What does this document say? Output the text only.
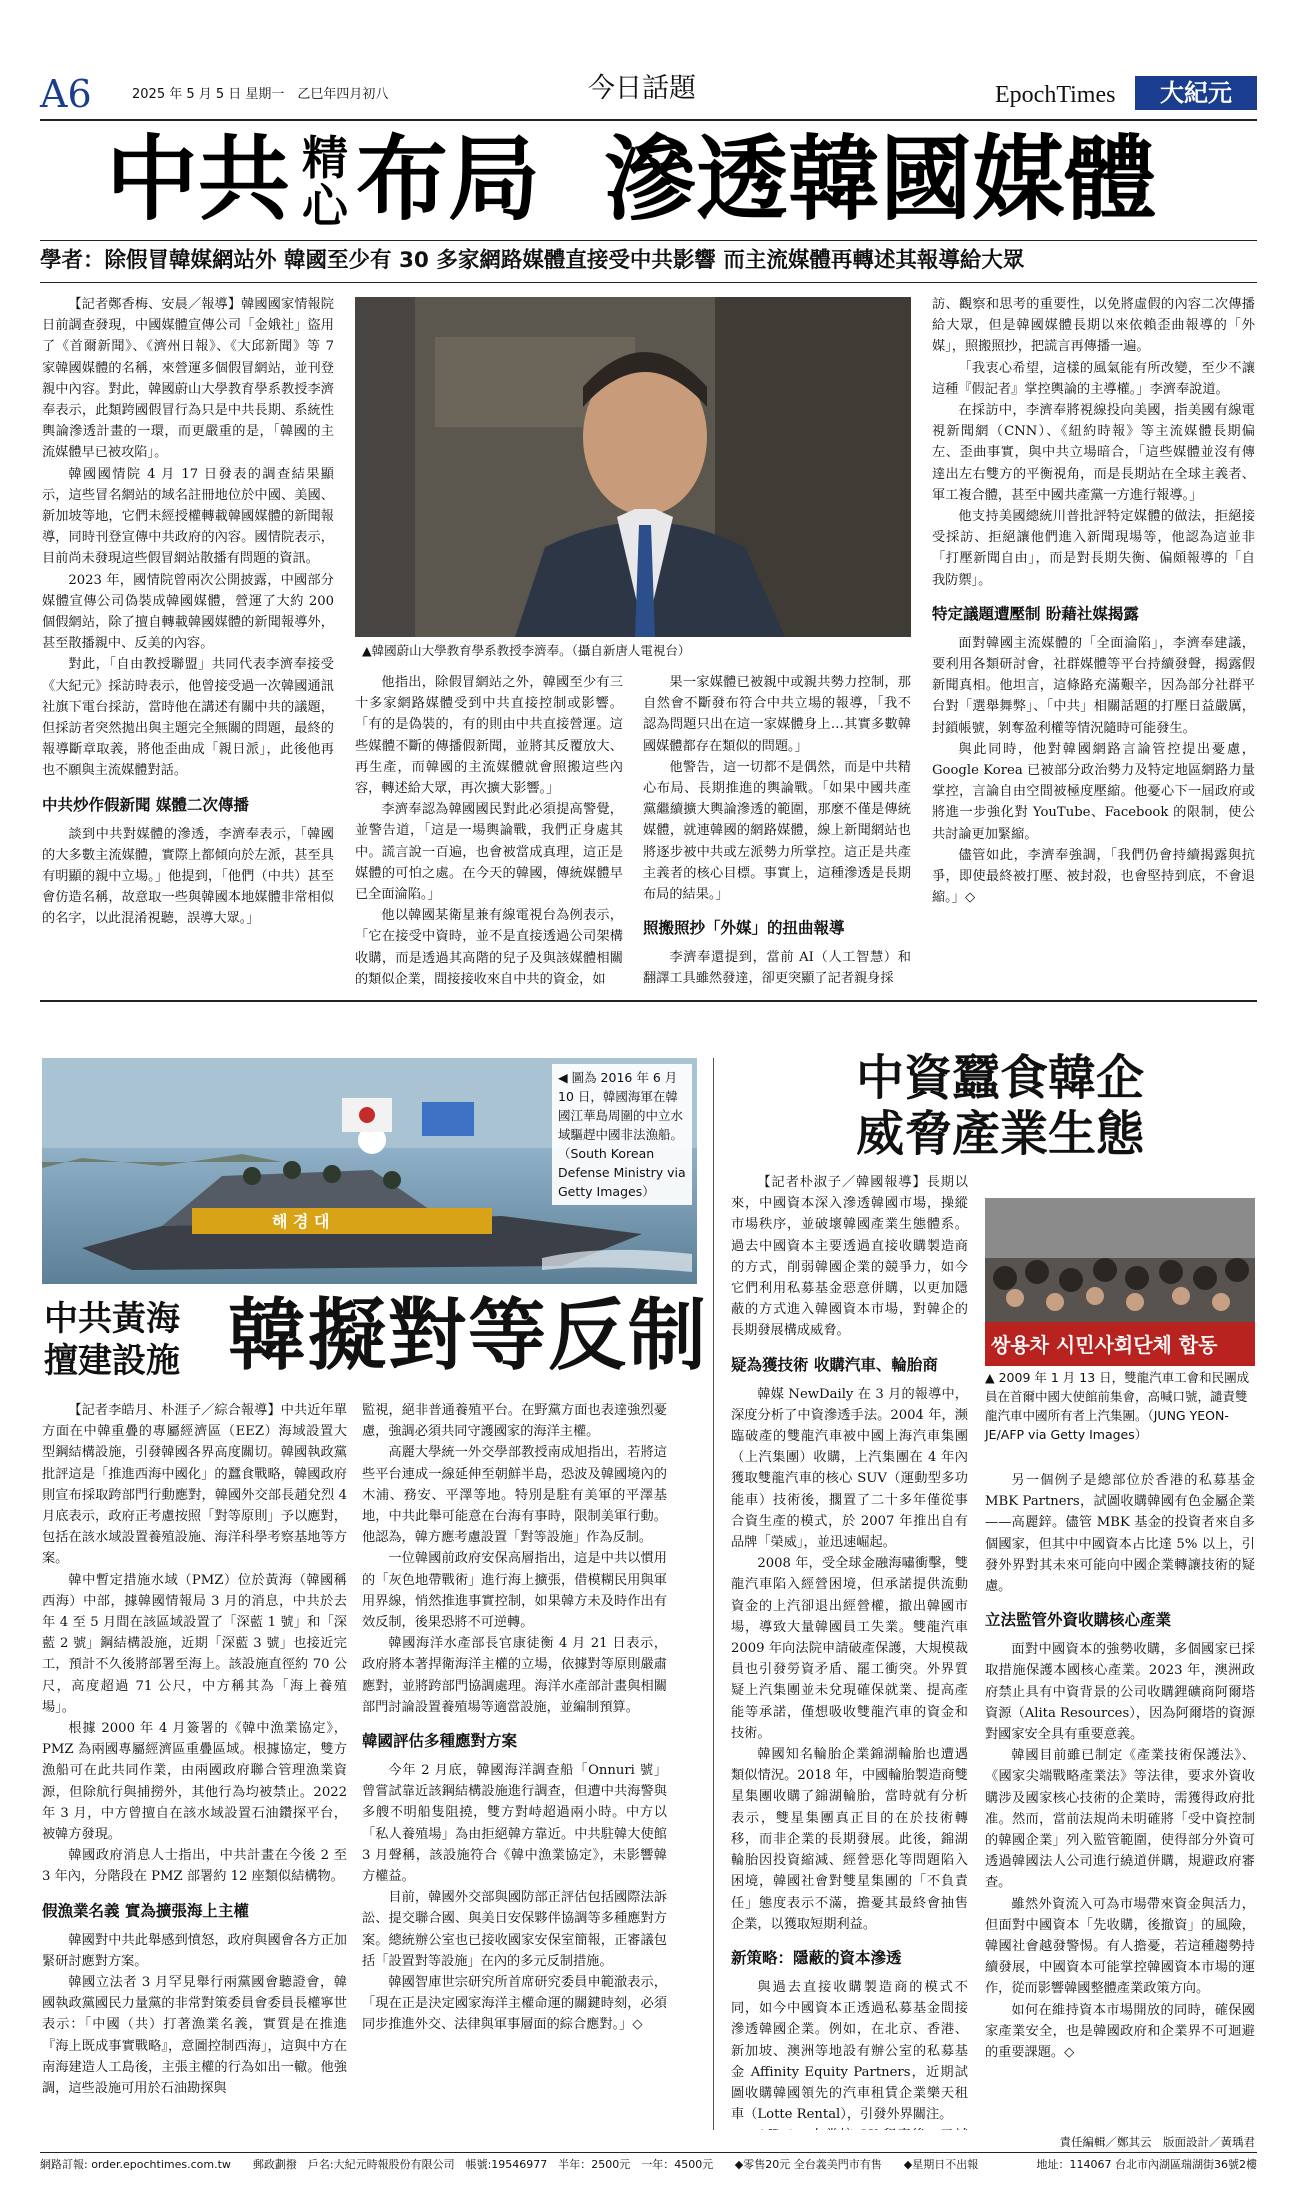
A6	2025 年 5 月 5 日 星期一　乙巳年四月初八	今日話題	EpochTimes	大紀元
中共 精
心 布局 滲透韓國媒體
學者：除假冒韓媒網站外 韓國至少有 30 多家網路媒體直接受中共影響 而主流媒體再轉述其報導給大眾
▲韓國蔚山大學教育學系教授李濟奉。（攝自新唐人電視台）

【記者鄭香梅、安晨／報導】韓國國家情報院日前調查發現，中國媒體宣傳公司「金娥社」盜用了《首爾新聞》、《濟州日報》、《大邱新聞》等 7 家韓國媒體的名稱，來營運多個假冒網站，並刊登親中內容。對此，韓國蔚山大學教育學系教授李濟奉表示，此類跨國假冒行為只是中共長期、系統性輿論滲透計畫的一環，而更嚴重的是，「韓國的主流媒體早已被攻陷」。

韓國國情院 4 月 17 日發表的調查結果顯示，這些冒名網站的域名註冊地位於中國、美國、新加坡等地，它們未經授權轉載韓國媒體的新聞報導，同時刊登宣傳中共政府的內容。國情院表示，目前尚未發現這些假冒網站散播有問題的資訊。

2023 年，國情院曾兩次公開披露，中國部分媒體宣傳公司偽裝成韓國媒體，營運了大約 200 個假網站，除了擅自轉載韓國媒體的新聞報導外，甚至散播親中、反美的內容。

對此，「自由教授聯盟」共同代表李濟奉接受《大紀元》採訪時表示，他曾接受過一次韓國通訊社旗下電台採訪，當時他在講述有關中共的議題，但採訪者突然拋出與主題完全無關的問題，最終的報導斷章取義，將他歪曲成「親日派」，此後他再也不願與主流媒體對話。

中共炒作假新聞 媒體二次傳播

談到中共對媒體的滲透，李濟奉表示，「韓國的大多數主流媒體，實際上都傾向於左派，甚至具有明顯的親中立場。」他提到，「他們（中共）甚至會仿造名稱，故意取一些與韓國本地媒體非常相似的名字，以此混淆視聽，誤導大眾。」

他指出，除假冒網站之外，韓國至少有三十多家網路媒體受到中共直接控制或影響。「有的是偽裝的，有的則由中共直接營運。這些媒體不斷的傳播假新聞，並將其反覆放大、再生產，而韓國的主流媒體就會照搬這些內容，轉述給大眾，再次擴大影響。」

李濟奉認為韓國國民對此必須提高警覺，並警告道，「這是一場輿論戰，我們正身處其中。謊言說一百遍，也會被當成真理，這正是媒體的可怕之處。在今天的韓國，傳統媒體早已全面淪陷。」

他以韓國某衛星兼有線電視台為例表示，「它在接受中資時，並不是直接透過公司架構收購，而是透過其高階的兒子及與該媒體相關的類似企業，間接接收來自中共的資金，如

果一家媒體已被親中或親共勢力控制，那自然會不斷發布符合中共立場的報導，「我不認為問題只出在這一家媒體身上…其實多數韓國媒體都存在類似的問題。」

他警告，這一切都不是偶然，而是中共精心布局、長期推進的輿論戰。「如果中國共產黨繼續擴大輿論滲透的範圍，那麼不僅是傳統媒體，就連韓國的網路媒體，線上新聞網站也將逐步被中共或左派勢力所掌控。這正是共產主義者的核心目標。事實上，這種滲透是長期布局的結果。」

照搬照抄「外媒」的扭曲報導

李濟奉還提到，當前 AI（人工智慧）和翻譯工具雖然發達，卻更突顯了記者親身採

訪、觀察和思考的重要性，以免將虛假的內容二次傳播給大眾，但是韓國媒體長期以來依賴歪曲報導的「外媒」，照搬照抄，把謊言再傳播一遍。

「我衷心希望，這樣的風氣能有所改變，至少不讓這種『假記者』掌控輿論的主導權。」李濟奉說道。

在採訪中，李濟奉將視線投向美國，指美國有線電視新聞網（CNN）、《紐約時報》等主流媒體長期偏左、歪曲事實，與中共立場暗合，「這些媒體並沒有傳達出左右雙方的平衡視角，而是長期站在全球主義者、軍工複合體，甚至中國共產黨一方進行報導。」

他支持美國總統川普批評特定媒體的做法，拒絕接受採訪、拒絕讓他們進入新聞現場等，他認為這並非「打壓新聞自由」，而是對長期失衡、偏頗報導的「自我防禦」。

特定議題遭壓制 盼藉社媒揭露

面對韓國主流媒體的「全面淪陷」，李濟奉建議，要利用各類研討會，社群媒體等平台持續發聲，揭露假新聞真相。他坦言，這條路充滿艱辛，因為部分社群平台對「選舉舞弊」、「中共」相關話題的打壓日益嚴厲，封鎖帳號，剝奪盈利權等情況隨時可能發生。

與此同時，他對韓國網路言論管控提出憂慮，Google Korea 已被部分政治勢力及特定地區網路力量掌控，言論自由空間被極度壓縮。他憂心下一屆政府或將進一步強化對 YouTube、Facebook 的限制，使公共討論更加緊縮。

儘管如此，李濟奉強調，「我們仍會持續揭露與抗爭，即使最終被打壓、被封殺，也會堅持到底，不會退縮。」◇

해 경 대
◀ 圖為 2016 年 6 月 10 日，韓國海軍在韓國江華島周圍的中立水域驅趕中國非法漁船。（South Korean Defense Ministry via Getty Images）
中共黃海
擅建設施 韓擬對等反制

【記者李皓月、朴涯子／綜合報導】中共近年單方面在中韓重疊的專屬經濟區（EEZ）海域設置大型鋼結構設施，引發韓國各界高度關切。韓國執政黨批評這是「推進西海中國化」的蠶食戰略，韓國政府則宣布採取跨部門行動應對，韓國外交部長趙兌烈 4 月底表示，政府正考慮按照「對等原則」予以應對，包括在該水域設置養殖設施、海洋科學考察基地等方案。

韓中暫定措施水域（PMZ）位於黃海（韓國稱西海）中部，據韓國情報局 3 月的消息，中共於去年 4 至 5 月間在該區域設置了「深藍 1 號」和「深藍 2 號」鋼結構設施，近期「深藍 3 號」也接近完工，預計不久後將部署至海上。該設施直徑約 70 公尺，高度超過 71 公尺，中方稱其為「海上養殖場」。

根據 2000 年 4 月簽署的《韓中漁業協定》，PMZ 為兩國專屬經濟區重疊區域。根據協定，雙方漁船可在此共同作業，由兩國政府聯合管理漁業資源，但除航行與捕撈外，其他行為均被禁止。2022 年 3 月，中方曾擅自在該水域設置石油鑽探平台，被韓方發現。

韓國政府消息人士指出，中共計畫在今後 2 至 3 年內，分階段在 PMZ 部署約 12 座類似結構物。

假漁業名義 實為擴張海上主權

韓國對中共此舉感到憤怒，政府與國會各方正加緊研討應對方案。

韓國立法者 3 月罕見舉行兩黨國會聽證會，韓國執政黨國民力量黨的非常對策委員會委員長權寧世表示：「中國（共）打著漁業名義，實質是在推進『海上既成事實戰略』，意圖控制西海」，這與中方在南海建造人工島後，主張主權的行為如出一轍。他強調，這些設施可用於石油勘探與

監視，絕非普通養殖平台。在野黨方面也表達強烈憂慮，強調必須共同守護國家的海洋主權。

高麗大學統一外交學部教授南成旭指出，若將這些平台連成一線延伸至朝鮮半島，恐波及韓國境內的木浦、務安、平澤等地。特別是駐有美軍的平澤基地，中共此舉可能意在台海有事時，限制美軍行動。他認為，韓方應考慮設置「對等設施」作為反制。

一位韓國前政府安保高層指出，這是中共以慣用的「灰色地帶戰術」進行海上擴張，借模糊民用與軍用界線，悄然推進事實控制，如果韓方未及時作出有效反制，後果恐將不可逆轉。

韓國海洋水產部長官康徒衡 4 月 21 日表示，政府將本著捍衛海洋主權的立場，依據對等原則嚴肅應對，並將跨部門協調處理。海洋水產部計畫與相關部門討論設置養殖場等適當設施，並編制預算。

韓國評估多種應對方案

今年 2 月底，韓國海洋調查船「Onnuri 號」曾嘗試靠近該鋼結構設施進行調查，但遭中共海警與多艘不明船隻阻撓，雙方對峙超過兩小時。中方以「私人養殖場」為由拒絕韓方靠近。中共駐韓大使館 3 月聲稱，該設施符合《韓中漁業協定》，未影響韓方權益。

目前，韓國外交部與國防部正評估包括國際法訴訟、提交聯合國、與美日安保夥伴協調等多種應對方案。總統辦公室也已接收國家安保室簡報，正審議包括「設置對等設施」在內的多元反制措施。

韓國智庫世宗研究所首席研究委員申範澈表示，「現在正是決定國家海洋主權命運的關鍵時刻，必須同步推進外交、法律與軍事層面的綜合應對。」◇

中資蠶食韓企
威脅產業生態
쌍용차 시민사회단체 합동
▲ 2009 年 1 月 13 日，雙龍汽車工會和民團成員在首爾中國大使館前集會，高喊口號，譴責雙龍汽車中國所有者上汽集團。（JUNG YEON-JE/AFP via Getty Images）

【記者朴淑子／韓國報導】長期以來，中國資本深入滲透韓國市場，操縱市場秩序，並破壞韓國產業生態體系。過去中國資本主要透過直接收購製造商的方式，削弱韓國企業的競爭力，如今它們利用私募基金惡意併購，以更加隱蔽的方式進入韓國資本市場，對韓企的長期發展構成威脅。

疑為獲技術 收購汽車、輪胎商

韓媒 NewDaily 在 3 月的報導中，深度分析了中資滲透手法。2004 年，濒臨破產的雙龍汽車被中國上海汽車集團（上汽集團）收購，上汽集團在 4 年內獲取雙龍汽車的核心 SUV（運動型多功能車）技術後，擱置了二十多年僅從事合資生產的模式，於 2007 年推出自有品牌「榮威」，並迅速崛起。

2008 年，受全球金融海嘯衝擊，雙龍汽車陷入經營困境，但承諾提供流動資金的上汽卻退出經營權，撤出韓國市場，導致大量韓國員工失業。雙龍汽車 2009 年向法院申請破產保護，大規模裁員也引發勞資矛盾、罷工衝突。外界質疑上汽集團並未兌現確保就業、提高產能等承諾，僅想吸收雙龍汽車的資金和技術。

韓國知名輪胎企業錦湖輪胎也遭遇類似情況。2018 年，中國輪胎製造商雙星集團收購了錦湖輪胎，當時就有分析表示，雙星集團真正目的在於技術轉移，而非企業的長期發展。此後，錦湖輪胎因投資縮減、經營惡化等問題陷入困境，韓國社會對雙星集團的「不負責任」態度表示不滿，擔憂其最終會抽售企業，以獲取短期利益。

新策略：隱蔽的資本滲透

與過去直接收購製造商的模式不同，如今中國資本正透過私募基金間接滲透韓國企業。例如，在北京、香港、新加坡、澳洲等地設有辦公室的私募基金 Affinity Equity Partners，近期試圖收購韓國領先的汽車租賃企業樂天租車（Lotte Rental），引發外界關注。

另一個例子是總部位於香港的私募基金 MBK Partners，試圖收購韓國有色金屬企業——高麗鋅。儘管 MBK 基金的投資者來自多個國家，但其中中國資本占比達 5% 以上，引發外界對其未來可能向中國企業轉讓技術的疑慮。

立法監管外資收購核心產業

面對中國資本的強勢收購，多個國家已採取措施保護本國核心產業。2023 年，澳洲政府禁止具有中資背景的公司收購鋰礦商阿爾塔資源（Alita Resources），因為阿爾塔的資源對國家安全具有重要意義。

韓國目前雖已制定《產業技術保護法》、《國家尖端戰略產業法》等法律，要求外資收購涉及國家核心技術的企業時，需獲得政府批准。然而，當前法規尚未明確將「受中資控制的韓國企業」列入監管範圍，使得部分外資可透過韓國法人公司進行繞道併購，規避政府審查。

雖然外資流入可為市場帶來資金與活力，但面對中國資本「先收購，後撤資」的風險，韓國社會越發警惕。有人擔憂，若這種趨勢持續發展，中國資本可能掌控韓國資本市場的運作，從而影響韓國整體產業政策方向。

如何在維持資本市場開放的同時，確保國家產業安全，也是韓國政府和企業界不可迴避的重要課題。◇

責任編輯／鄭其云　版面設計／黃瑀君
網路訂報: order.epochtimes.com.tw　　郵政劃撥　戶名:大紀元時報股份有限公司　帳號:19546977　半年：2500元　一年：4500元 ◆零售20元 全台義美門市有售　　◆星期日不出報	地址：114067 台北市內湖區瑞湖街36號2樓
